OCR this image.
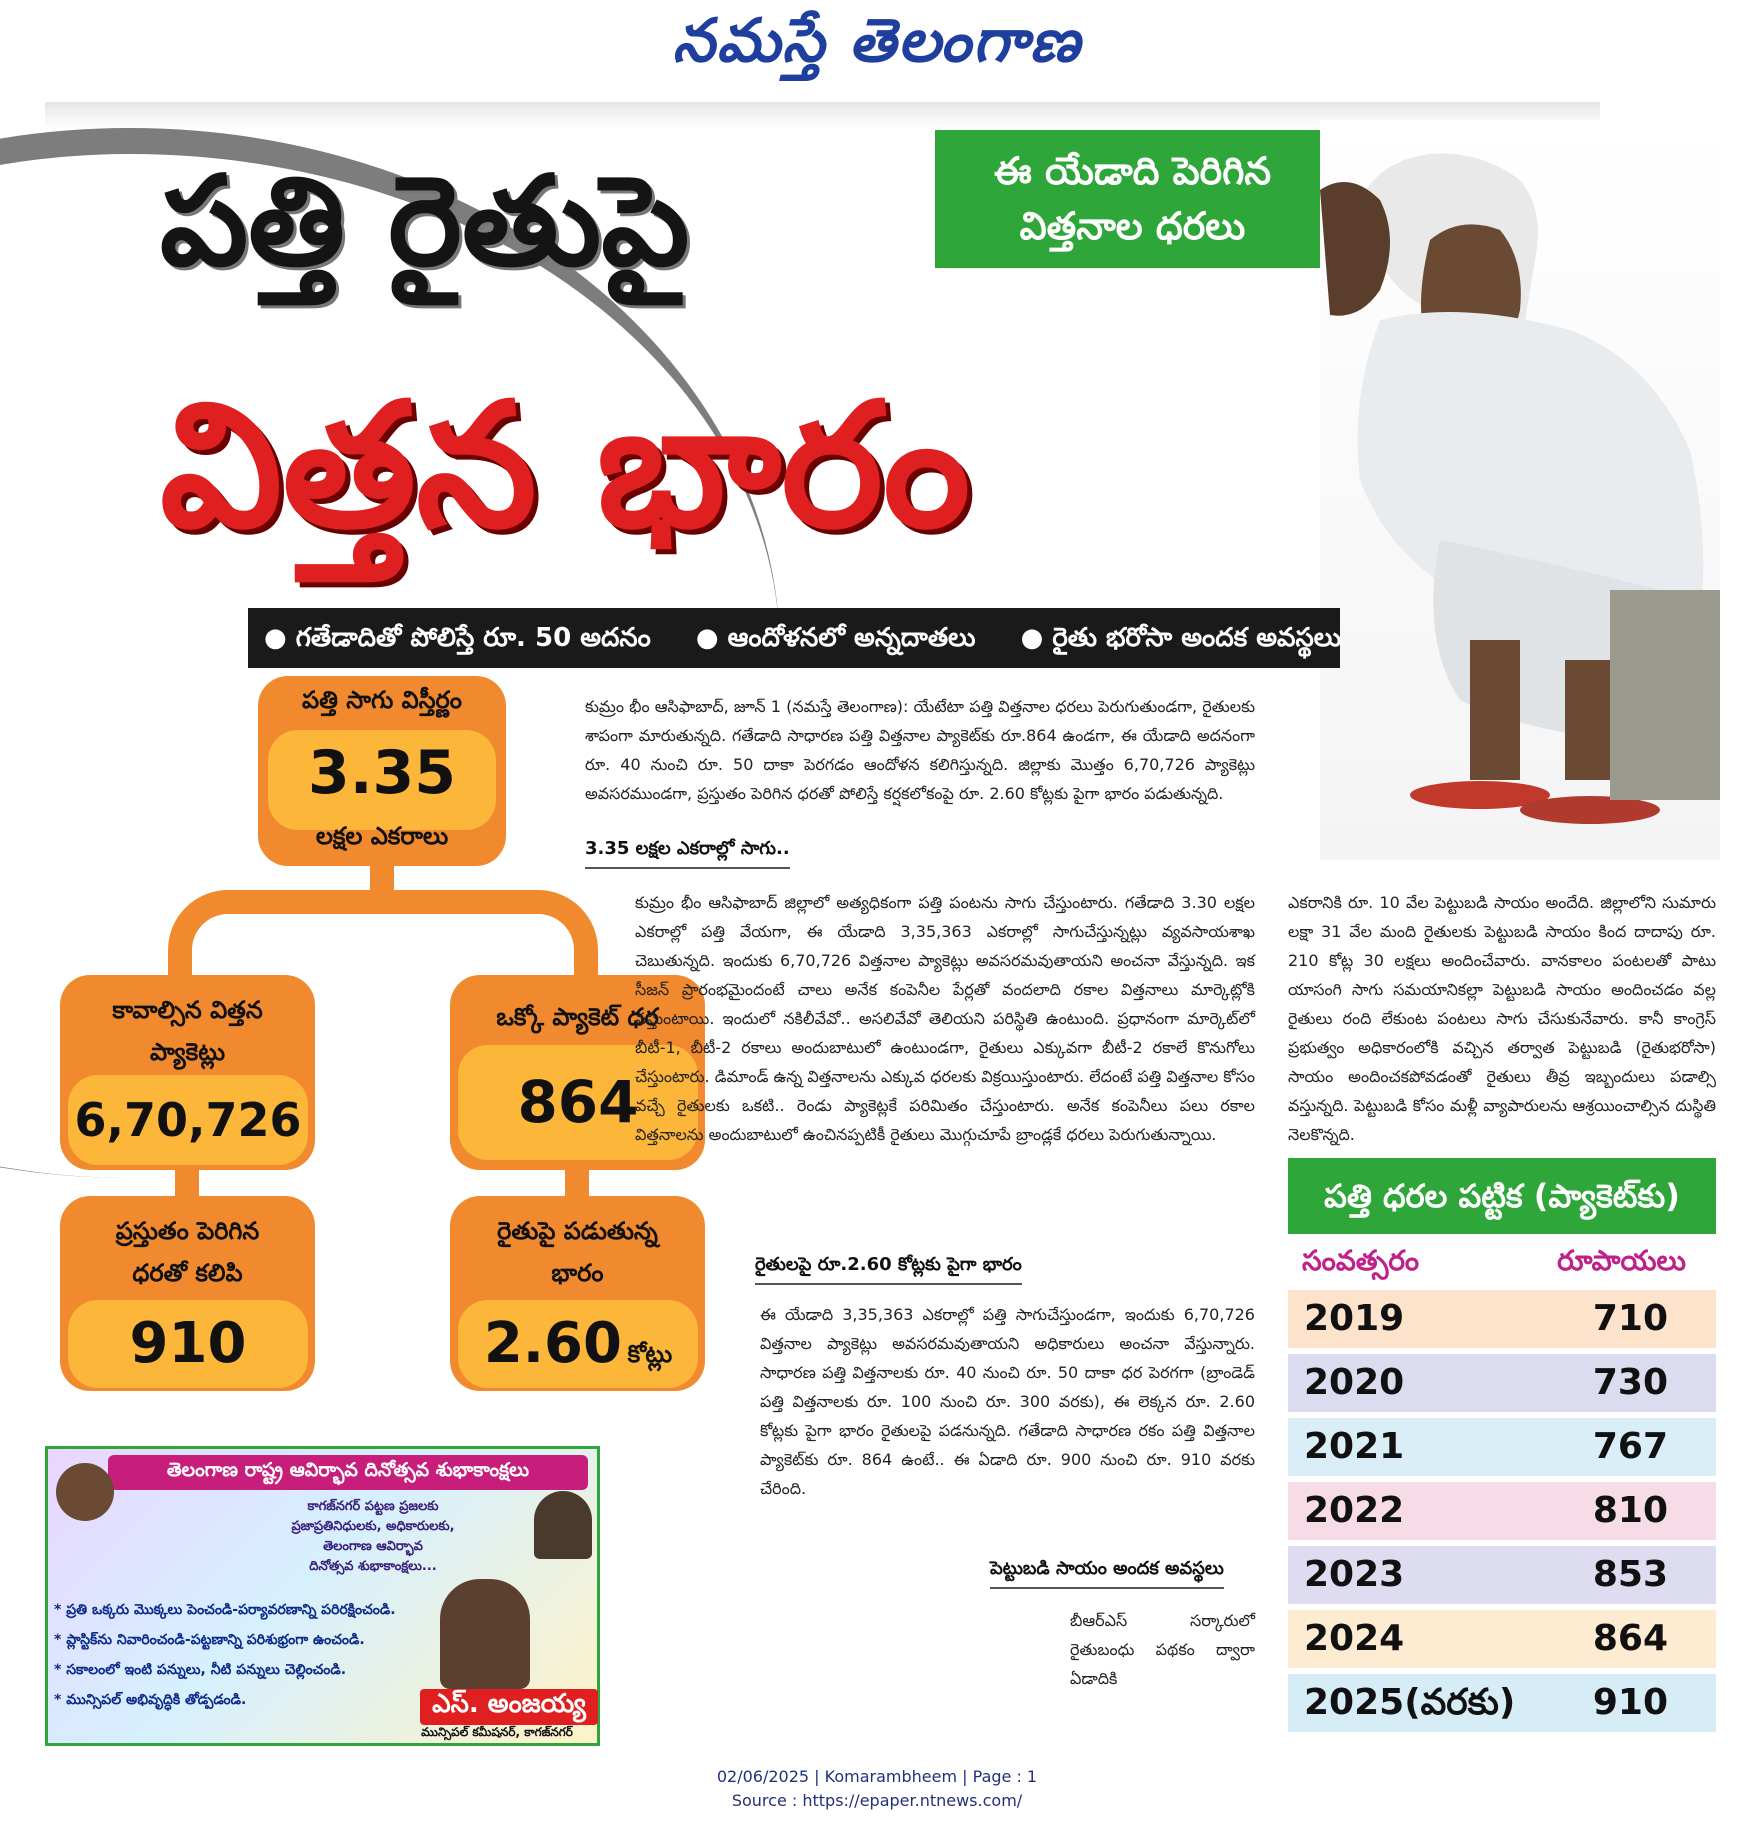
నమస్తే తెలంగాణ
పత్తి రైతుపై
విత్తన భారం
ఈ యేడాది పెరిగిన
విత్తనాల ధరలు
● గతేడాదితో పోలిస్తే రూ. 50 అదనం ● ఆందోళనలో అన్నదాతలు ● రైతు భరోసా అందక అవస్థలు
పత్తి సాగు విస్తీర్ణం
3.35
లక్షల ఎకరాలు
కావాల్సిన విత్తన ప్యాకెట్లు
6,70,726
ఒక్కో ప్యాకెట్ ధర
864
ప్రస్తుతం పెరిగిన ధరతో కలిపి
910
రైతుపై పడుతున్న భారం
2.60 కోట్లు
కుమ్రం భీం ఆసిఫాబాద్, జూన్ 1 (నమస్తే తెలంగాణ): యేటేటా పత్తి విత్తనాల ధరలు పెరుగుతుండగా, రైతులకు శాపంగా మారుతున్నది. గతేడాది సాధారణ పత్తి విత్తనాల ప్యాకెట్‌కు రూ.864 ఉండగా, ఈ యేడాది అదనంగా రూ. 40 నుంచి రూ. 50 దాకా పెరగడం ఆందోళన కలిగిస్తున్నది. జిల్లాకు మొత్తం 6,70,726 ప్యాకెట్లు అవసరముండగా, ప్రస్తుతం పెరిగిన ధరతో పోలిస్తే కర్షకలోకంపై రూ. 2.60 కోట్లకు పైగా భారం పడుతున్నది.
3.35 లక్షల ఎకరాల్లో సాగు..
కుమ్రం భీం ఆసిఫాబాద్ జిల్లాలో అత్యధికంగా పత్తి పంటను సాగు చేస్తుంటారు. గతేడాది 3.30 లక్షల ఎకరాల్లో పత్తి వేయగా, ఈ యేడాది 3,35,363 ఎకరాల్లో సాగుచేస్తున్నట్లు వ్యవసాయశాఖ చెబుతున్నది. ఇందుకు 6,70,726 విత్తనాల ప్యాకెట్లు అవసరమవుతాయని అంచనా వేస్తున్నది. ఇక సీజన్ ప్రారంభమైందంటే చాలు అనేక కంపెనీల పేర్లతో వందలాది రకాల విత్తనాలు మార్కెట్లోకి వస్తుంటాయి. ఇందులో నకిలీవేవో.. అసలివేవో తెలియని పరిస్థితి ఉంటుంది. ప్రధానంగా మార్కెట్‌లో బీటీ-1, బీటీ-2 రకాలు అందుబాటులో ఉంటుండగా, రైతులు ఎక్కువగా బీటీ-2 రకాలే కొనుగోలు చేస్తుంటారు. డిమాండ్ ఉన్న విత్తనాలను ఎక్కువ ధరలకు విక్రయిస్తుంటారు. లేదంటే పత్తి విత్తనాల కోసం వచ్చే రైతులకు ఒకటి.. రెండు ప్యాకెట్లకే పరిమితం చేస్తుంటారు. అనేక కంపెనీలు పలు రకాల విత్తనాలను అందుబాటులో ఉంచినప్పటికీ రైతులు మొగ్గుచూపే బ్రాండ్లకే ధరలు పెరుగుతున్నాయి.
రైతులపై రూ.2.60 కోట్లకు పైగా భారం
ఈ యేడాది 3,35,363 ఎకరాల్లో పత్తి సాగుచేస్తుండగా, ఇందుకు 6,70,726 విత్తనాల ప్యాకెట్లు అవసరమవుతాయని అధికారులు అంచనా వేస్తున్నారు. సాధారణ పత్తి విత్తనాలకు రూ. 40 నుంచి రూ. 50 దాకా ధర పెరగగా (బ్రాండెడ్ పత్తి విత్తనాలకు రూ. 100 నుంచి రూ. 300 వరకు), ఈ లెక్కన రూ. 2.60 కోట్లకు పైగా భారం రైతులపై పడనున్నది. గతేడాది సాధారణ రకం పత్తి విత్తనాల ప్యాకెట్‌కు రూ. 864 ఉంటే.. ఈ ఏడాది రూ. 900 నుంచి రూ. 910 వరకు చేరింది.
పెట్టుబడి సాయం అందక అవస్థలు
బీఆర్ఎస్ సర్కారులో రైతుబంధు పథకం ద్వారా ఏడాదికి
ఎకరానికి రూ. 10 వేల పెట్టుబడి సాయం అందేది. జిల్లాలోని సుమారు లక్షా 31 వేల మంది రైతులకు పెట్టుబడి సాయం కింద దాదాపు రూ. 210 కోట్ల 30 లక్షలు అందించేవారు. వానకాలం పంటలతో పాటు యాసంగి సాగు సమయానికల్లా పెట్టుబడి సాయం అందించడం వల్ల రైతులు రంది లేకుంట పంటలు సాగు చేసుకునేవారు. కానీ కాంగ్రెస్ ప్రభుత్వం అధికారంలోకి వచ్చిన తర్వాత పెట్టుబడి (రైతుభరోసా) సాయం అందించకపోవడంతో రైతులు తీవ్ర ఇబ్బందులు పడాల్సి వస్తున్నది. పెట్టుబడి కోసం మళ్లీ వ్యాపారులను ఆశ్రయించాల్సిన దుస్థితి నెలకొన్నది.
పత్తి ధరల పట్టిక (ప్యాకెట్‌కు)
సంవత్సరం	రూపాయలు
2019	710
2020	730
2021	767
2022	810
2023	853
2024	864
2025(వరకు) 910
తెలంగాణ రాష్ట్ర ఆవిర్భావ దినోత్సవ శుభాకాంక్షలు
కాగజ్‌నగర్ పట్టణ ప్రజలకు
ప్రజాప్రతినిధులకు, అధికారులకు,
తెలంగాణ ఆవిర్భావ
దినోత్సవ శుభాకాంక్షలు...
* ప్రతి ఒక్కరు మొక్కలు పెంచండి-పర్యావరణాన్ని పరిరక్షించండి.
* ప్లాస్టిక్‌ను నివారించండి-పట్టణాన్ని పరిశుభ్రంగా ఉంచండి.
* సకాలంలో ఇంటి పన్నులు, నీటి పన్నులు చెల్లించండి.
* మున్సిపల్ అభివృద్ధికి తోడ్పడండి.	ఎస్. అంజయ్య
మున్సిపల్ కమీషనర్, కాగజ్‌నగర్
02/06/2025 | Komarambheem | Page : 1
Source : https://epaper.ntnews.com/
